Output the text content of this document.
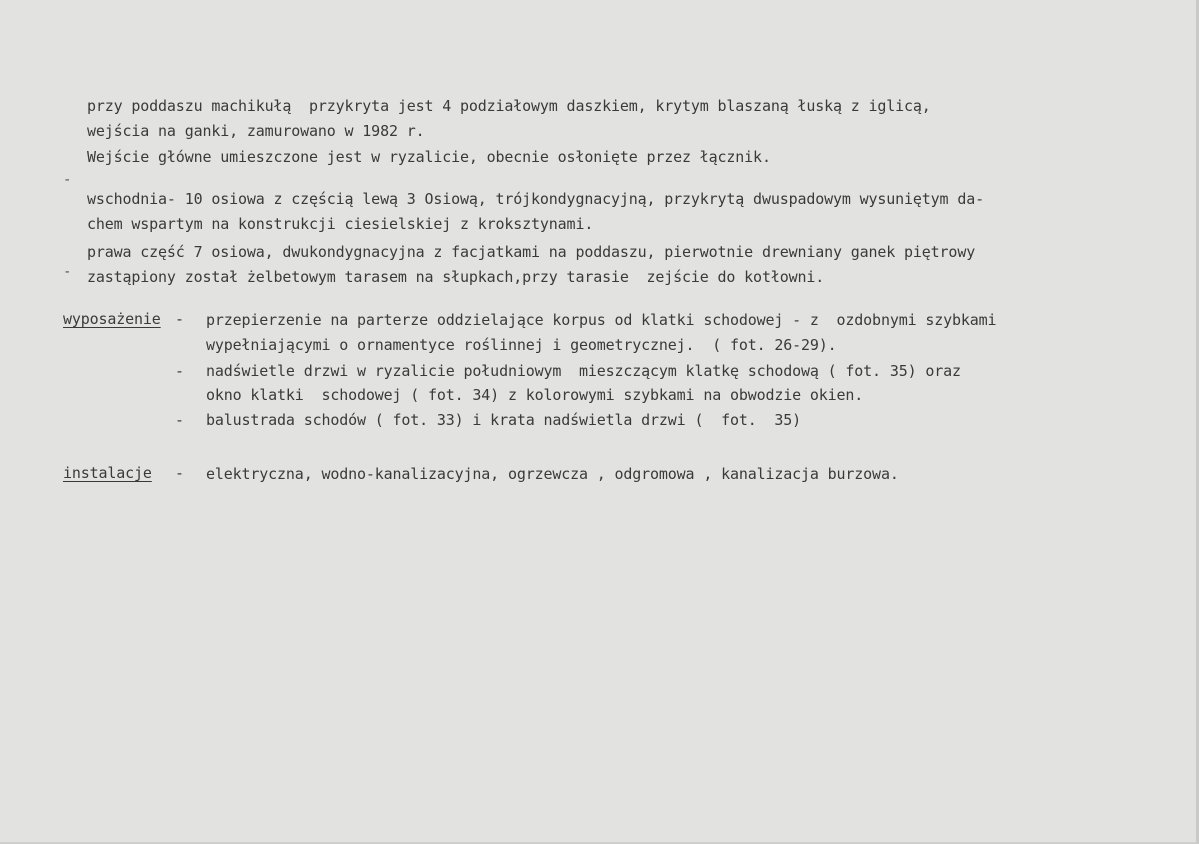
przy poddaszu machikułą  przykryta jest 4 podziałowym daszkiem, krytym blaszaną łuską z iglicą,
wejścia na ganki, zamurowano w 1982 r.
Wejście główne umieszczone jest w ryzalicie, obecnie osłonięte przez łącznik.
-
wschodnia- 10 osiowa z częścią lewą 3 Osiową, trójkondygnacyjną, przykrytą dwuspadowym wysuniętym da-
chem wspartym na konstrukcji ciesielskiej z kroksztynami.
prawa część 7 osiowa, dwukondygnacyjna z facjatkami na poddaszu, pierwotnie drewniany ganek piętrowy
- zastąpiony został żelbetowym tarasem na słupkach,przy tarasie  zejście do kotłowni.
wyposażenie - przepierzenie na parterze oddzielające korpus od klatki schodowej - z  ozdobnymi szybkami
wypełniającymi o ornamentyce roślinnej i geometrycznej.  ( fot. 26-29).
- nadświetle drzwi w ryzalicie południowym  mieszczącym klatkę schodową ( fot. 35) oraz
okno klatki  schodowej ( fot. 34) z kolorowymi szybkami na obwodzie okien.
- balustrada schodów ( fot. 33) i krata nadświetla drzwi (  fot.  35)
instalacje - elektryczna, wodno-kanalizacyjna, ogrzewcza , odgromowa , kanalizacja burzowa.
